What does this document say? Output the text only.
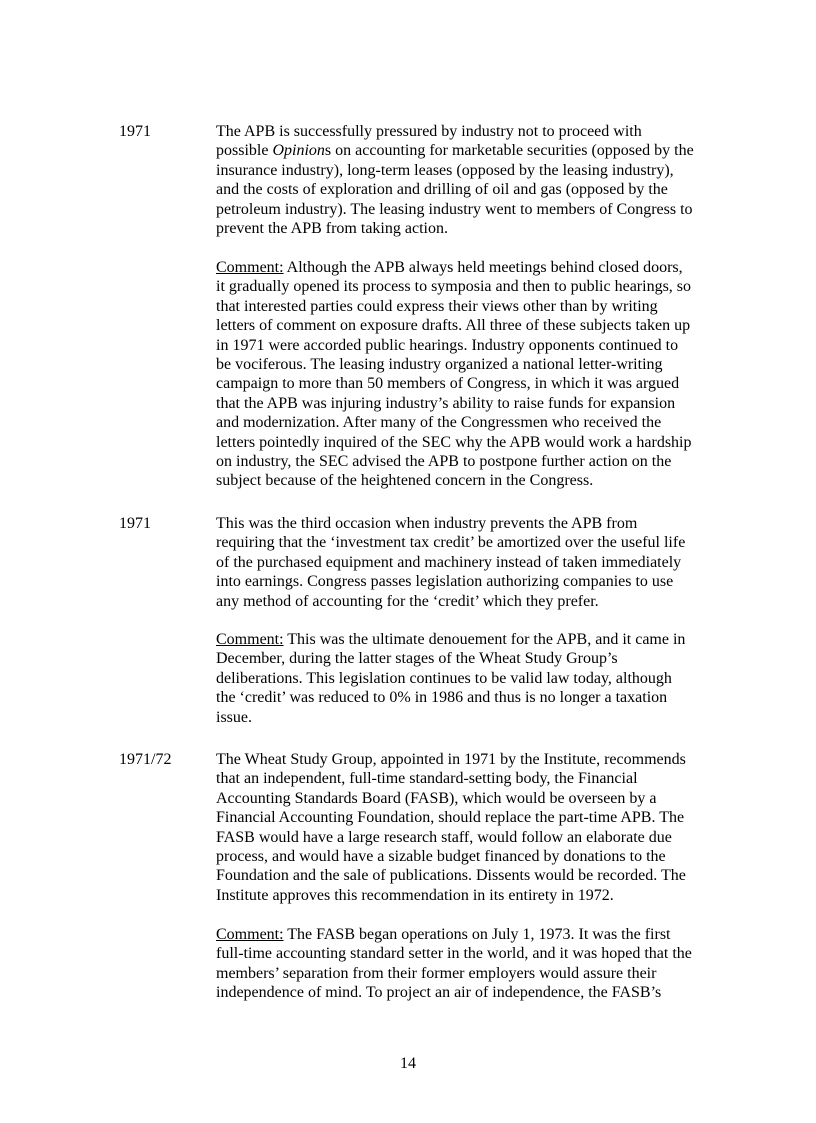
1971	The APB is successfully pressured by industry not to proceed with
possible Opinions on accounting for marketable securities (opposed by the
insurance industry), long-term leases (opposed by the leasing industry),
and the costs of exploration and drilling of oil and gas (opposed by the
petroleum industry). The leasing industry went to members of Congress to
prevent the APB from taking action.

Comment: Although the APB always held meetings behind closed doors,
it gradually opened its process to symposia and then to public hearings, so
that interested parties could express their views other than by writing
letters of comment on exposure drafts. All three of these subjects taken up
in 1971 were accorded public hearings. Industry opponents continued to
be vociferous. The leasing industry organized a national letter-writing
campaign to more than 50 members of Congress, in which it was argued
that the APB was injuring industry’s ability to raise funds for expansion
and modernization. After many of the Congressmen who received the
letters pointedly inquired of the SEC why the APB would work a hardship
on industry, the SEC advised the APB to postpone further action on the
subject because of the heightened concern in the Congress.

1971	This was the third occasion when industry prevents the APB from
requiring that the ‘investment tax credit’ be amortized over the useful life
of the purchased equipment and machinery instead of taken immediately
into earnings. Congress passes legislation authorizing companies to use
any method of accounting for the ‘credit’ which they prefer.

Comment: This was the ultimate denouement for the APB, and it came in
December, during the latter stages of the Wheat Study Group’s
deliberations. This legislation continues to be valid law today, although
the ‘credit’ was reduced to 0% in 1986 and thus is no longer a taxation
issue.

1971/72	The Wheat Study Group, appointed in 1971 by the Institute, recommends
that an independent, full-time standard-setting body, the Financial
Accounting Standards Board (FASB), which would be overseen by a
Financial Accounting Foundation, should replace the part-time APB. The
FASB would have a large research staff, would follow an elaborate due
process, and would have a sizable budget financed by donations to the
Foundation and the sale of publications. Dissents would be recorded. The
Institute approves this recommendation in its entirety in 1972.

Comment: The FASB began operations on July 1, 1973. It was the first
full-time accounting standard setter in the world, and it was hoped that the
members’ separation from their former employers would assure their
independence of mind. To project an air of independence, the FASB’s

14
